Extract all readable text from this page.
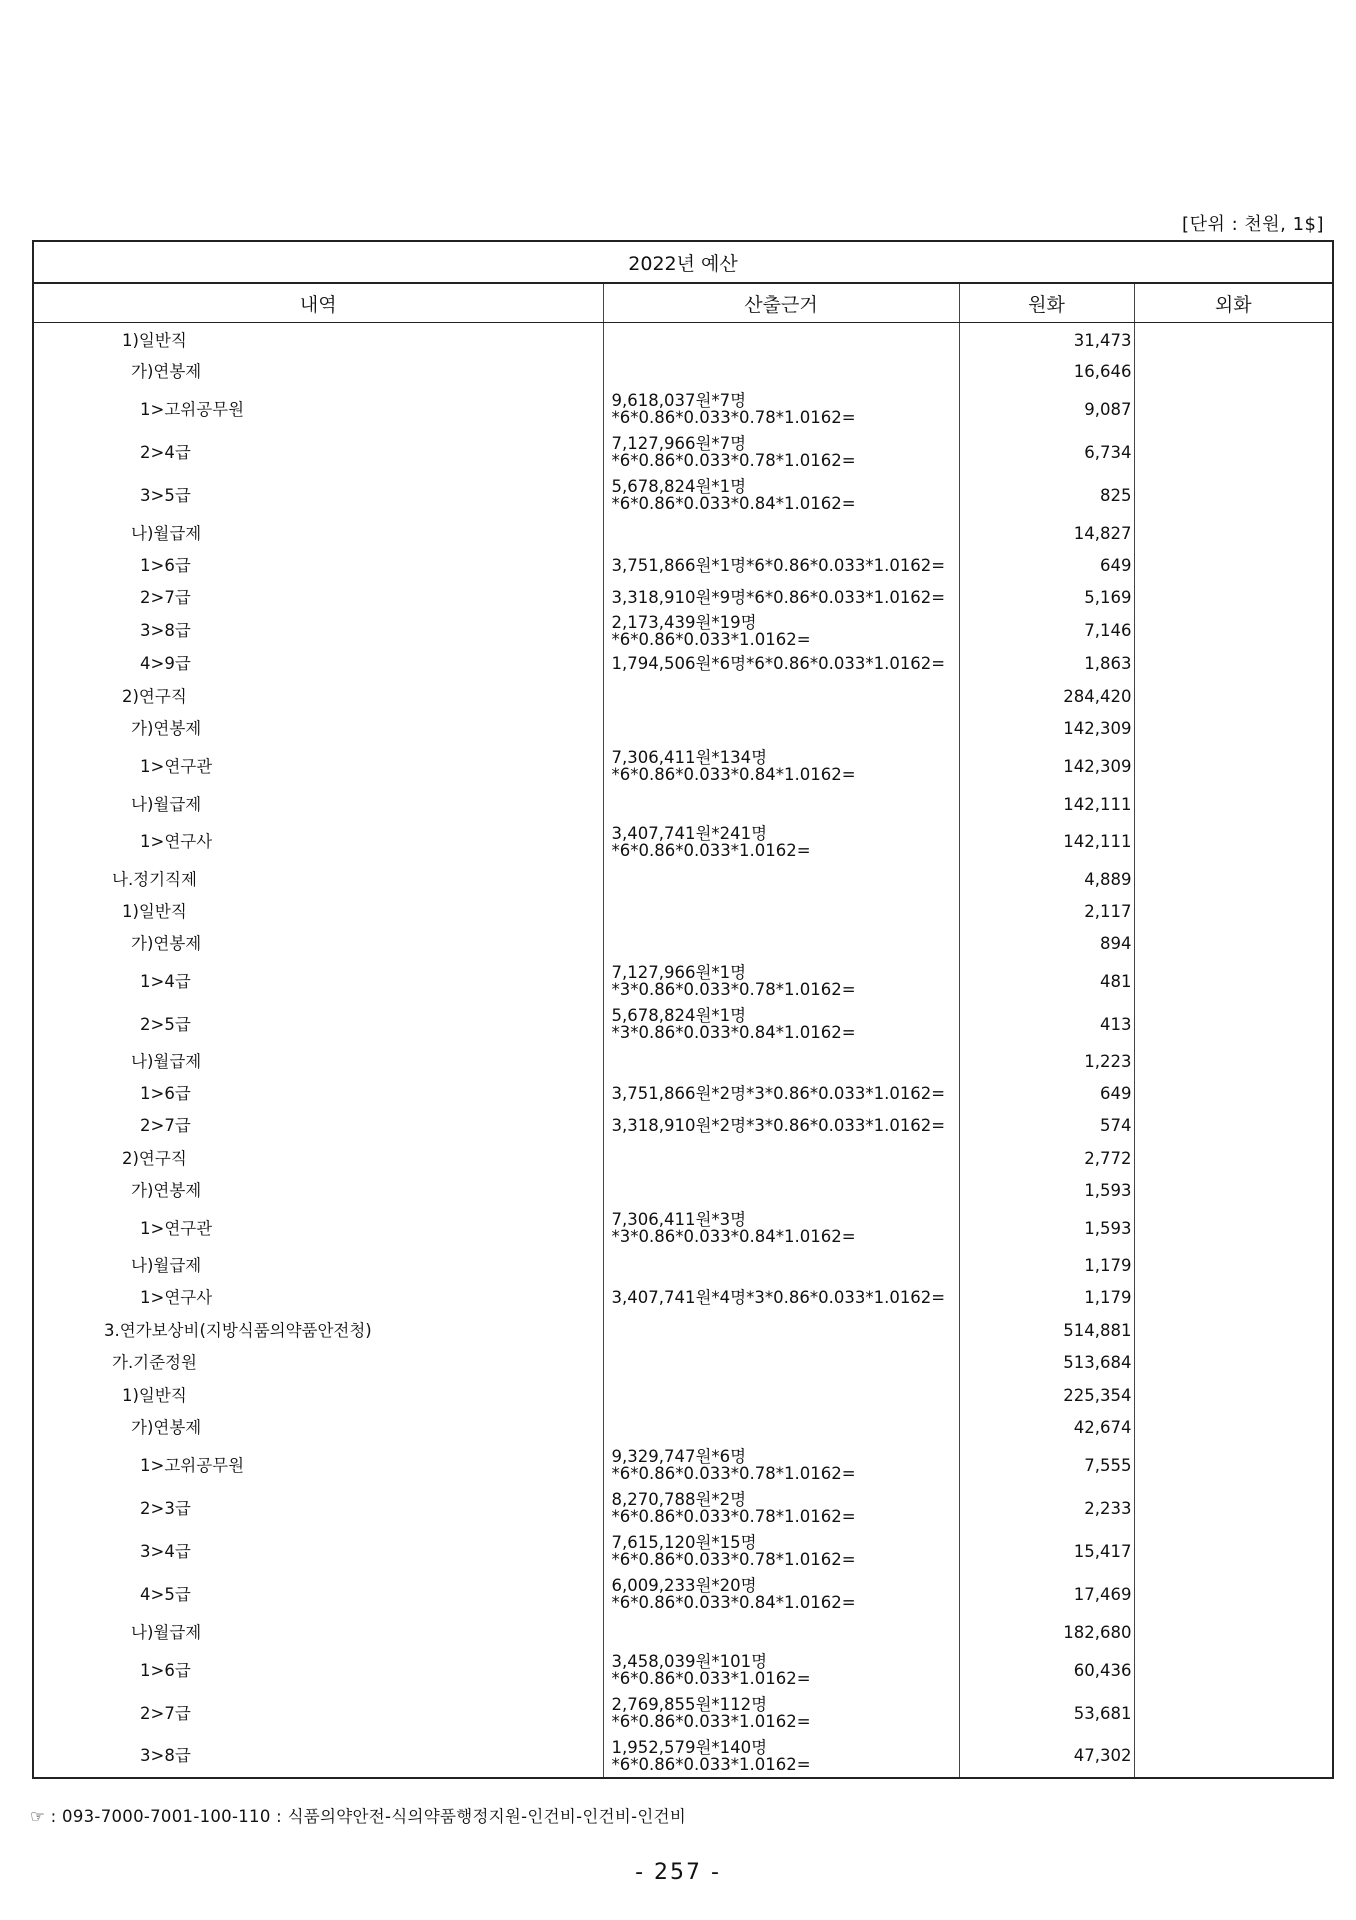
[단위 : 천원, 1$]
2022년 예산			
내역	산출근거	원화	외화
1)일반직		31,473	
가)연봉제		16,646	
1>고위공무원	9,618,037원*7명*6*0.86*0.033*0.78*1.0162=	9,087	
2>4급	7,127,966원*7명*6*0.86*0.033*0.78*1.0162=	6,734	
3>5급	5,678,824원*1명*6*0.86*0.033*0.84*1.0162=	825	
나)월급제		14,827	
1>6급	3,751,866원*1명*6*0.86*0.033*1.0162=	649	
2>7급	3,318,910원*9명*6*0.86*0.033*1.0162=	5,169	
3>8급	2,173,439원*19명*6*0.86*0.033*1.0162=	7,146	
4>9급	1,794,506원*6명*6*0.86*0.033*1.0162=	1,863	
2)연구직		284,420	
가)연봉제		142,309	
1>연구관	7,306,411원*134명*6*0.86*0.033*0.84*1.0162=	142,309	
나)월급제		142,111	
1>연구사	3,407,741원*241명*6*0.86*0.033*1.0162=	142,111	
나.정기직제		4,889	
1)일반직		2,117	
가)연봉제		894	
1>4급	7,127,966원*1명*3*0.86*0.033*0.78*1.0162=	481	
2>5급	5,678,824원*1명*3*0.86*0.033*0.84*1.0162=	413	
나)월급제		1,223	
1>6급	3,751,866원*2명*3*0.86*0.033*1.0162=	649	
2>7급	3,318,910원*2명*3*0.86*0.033*1.0162=	574	
2)연구직		2,772	
가)연봉제		1,593	
1>연구관	7,306,411원*3명*3*0.86*0.033*0.84*1.0162=	1,593	
나)월급제		1,179	
1>연구사	3,407,741원*4명*3*0.86*0.033*1.0162=	1,179	
3.연가보상비(지방식품의약품안전청)		514,881	
가.기준정원		513,684	
1)일반직		225,354	
가)연봉제		42,674	
1>고위공무원	9,329,747원*6명*6*0.86*0.033*0.78*1.0162=	7,555	
2>3급	8,270,788원*2명*6*0.86*0.033*0.78*1.0162=	2,233	
3>4급	7,615,120원*15명*6*0.86*0.033*0.78*1.0162=	15,417	
4>5급	6,009,233원*20명*6*0.86*0.033*0.84*1.0162=	17,469	
나)월급제		182,680	
1>6급	3,458,039원*101명*6*0.86*0.033*1.0162=	60,436	
2>7급	2,769,855원*112명*6*0.86*0.033*1.0162=	53,681	
3>8급	1,952,579원*140명*6*0.86*0.033*1.0162=	47,302	
☞ : 093-7000-7001-100-110 : 식품의약안전-식의약품행정지원-인건비-인건비-인건비
- 257 -
